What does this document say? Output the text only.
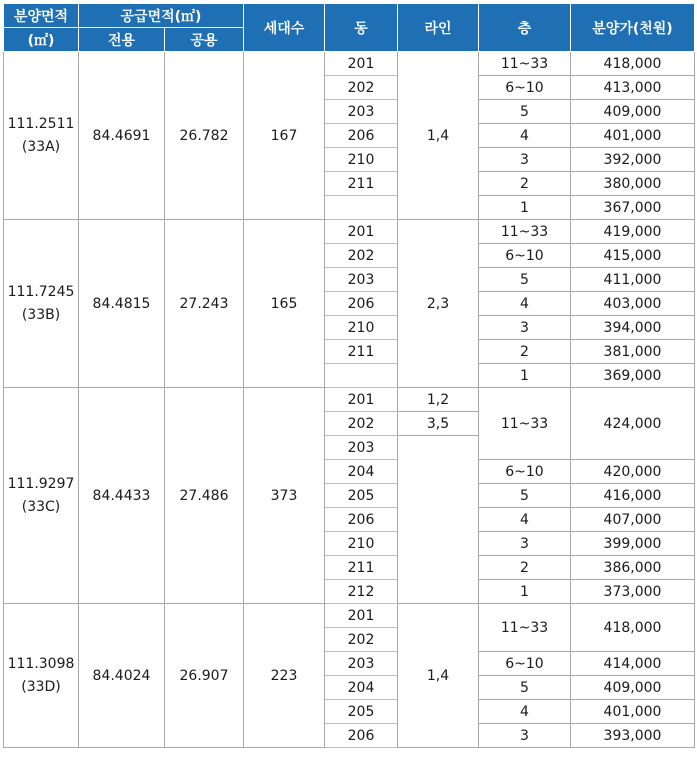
분양면적	공급면적(㎡)		세대수	동	라인	층	분양가(천원)
(㎡)	전용	공용					
111.2511
(33A)	84.4691	26.782	167	201	1,4	11~33	418,000
				202		6~10	413,000
				203		5	409,000
				206		4	401,000
				210		3	392,000
				211		2	380,000
						1	367,000
111.7245
(33B)	84.4815	27.243	165	201	2,3	11~33	419,000
				202		6~10	415,000
				203		5	411,000
				206		4	403,000
				210		3	394,000
				211		2	381,000
						1	369,000
111.9297
(33C)	84.4433	27.486	373	201	1,2	11~33	424,000
				202	3,5		
				203			
				204		6~10	420,000
				205		5	416,000
				206		4	407,000
				210		3	399,000
				211		2	386,000
				212		1	373,000
111.3098
(33D)	84.4024	26.907	223	201	1,4	11~33	418,000
				202			
				203		6~10	414,000
				204		5	409,000
				205		4	401,000
				206		3	393,000
